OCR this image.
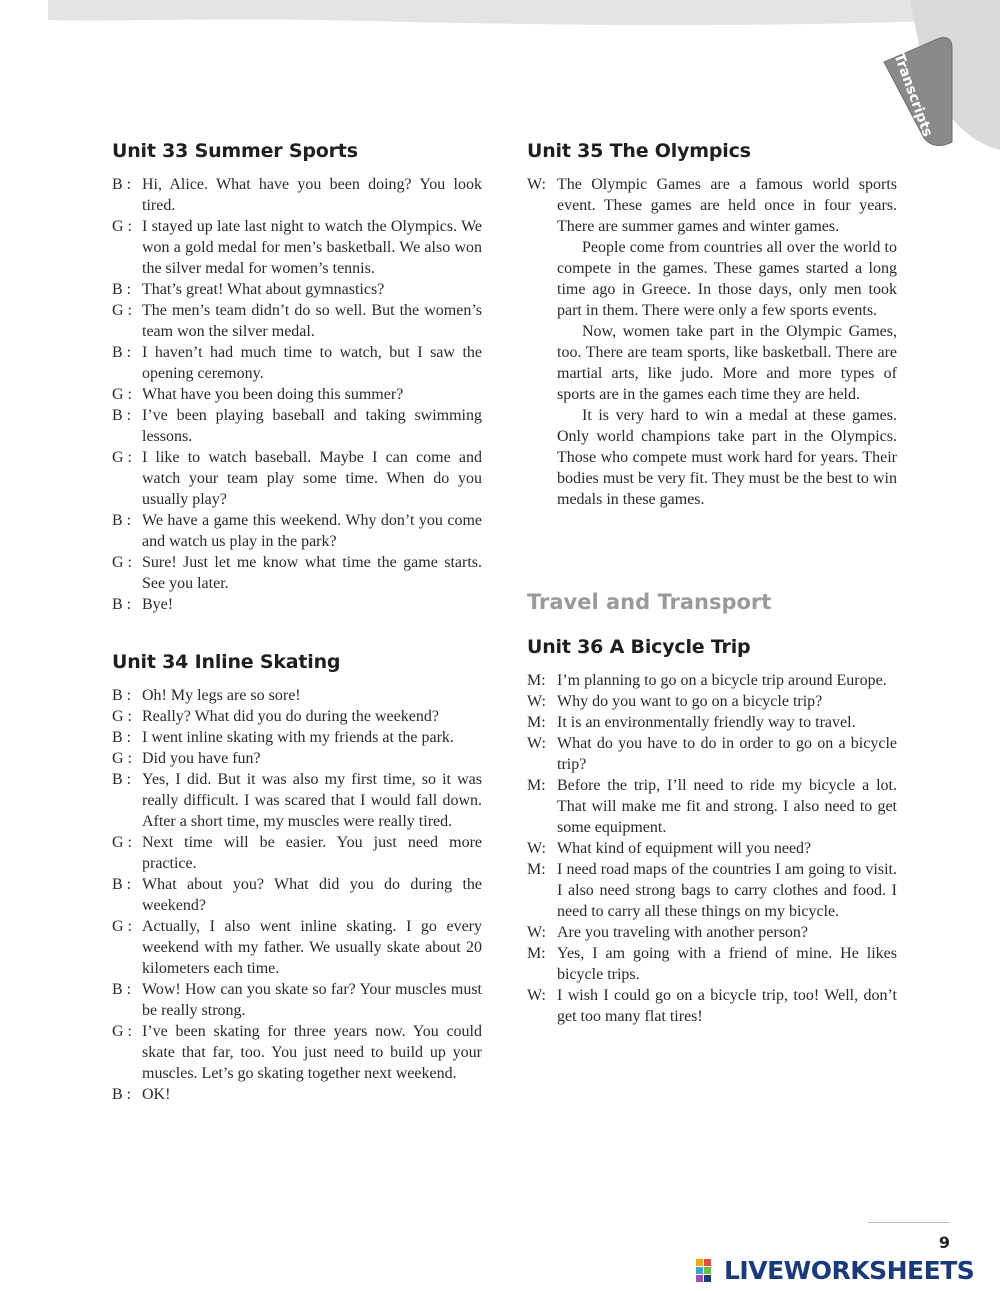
Transcripts
Unit 33 Summer Sports
B : Hi, Alice. What have you been doing? You look tired.
G : I stayed up late last night to watch the Olympics. We won a gold medal for men’s basketball. We also won the silver medal for women’s tennis.
B : That’s great! What about gymnastics?
G : The men’s team didn’t do so well. But the women’s team won the silver medal.
B : I haven’t had much time to watch, but I saw the opening ceremony.
G : What have you been doing this summer?
B : I’ve been playing baseball and taking swimming lessons.
G : I like to watch baseball. Maybe I can come and watch your team play some time. When do you usually play?
B : We have a game this weekend. Why don’t you come and watch us play in the park?
G : Sure! Just let me know what time the game starts. See you later.
B : Bye!
Unit 34 Inline Skating
B : Oh! My legs are so sore!
G : Really? What did you do during the weekend?
B : I went inline skating with my friends at the park.
G : Did you have fun?
B : Yes, I did. But it was also my first time, so it was really difficult. I was scared that I would fall down. After a short time, my muscles were really tired.
G : Next time will be easier. You just need more practice.
B : What about you? What did you do during the weekend?
G : Actually, I also went inline skating. I go every weekend with my father. We usually skate about 20 kilometers each time.
B : Wow! How can you skate so far? Your muscles must be really strong.
G : I’ve been skating for three years now. You could skate that far, too. You just need to build up your muscles. Let’s go skating together next weekend.
B : OK!
Unit 35 The Olympics
W: The Olympic Games are a famous world sports event. These games are held once in four years. There are summer games and winter games.

People come from countries all over the world to compete in the games. These games started a long time ago in Greece. In those days, only men took part in them. There were only a few sports events.

Now, women take part in the Olympic Games, too. There are team sports, like basketball. There are martial arts, like judo. More and more types of sports are in the games each time they are held.

It is very hard to win a medal at these games. Only world champions take part in the Olympics. Those who compete must work hard for years. Their bodies must be very fit. They must be the best to win medals in these games.

Travel and Transport
Unit 36 A Bicycle Trip
M: I’m planning to go on a bicycle trip around Europe.
W: Why do you want to go on a bicycle trip?
M: It is an environmentally friendly way to travel.
W: What do you have to do in order to go on a bicycle trip?
M: Before the trip, I’ll need to ride my bicycle a lot. That will make me fit and strong. I also need to get some equipment.
W: What kind of equipment will you need?
M: I need road maps of the countries I am going to visit. I also need strong bags to carry clothes and food. I need to carry all these things on my bicycle.
W: Are you traveling with another person?
M: Yes, I am going with a friend of mine. He likes bicycle trips.
W: I wish I could go on a bicycle trip, too! Well, don’t get too many flat tires!
9
LIVEWORKSHEETS
